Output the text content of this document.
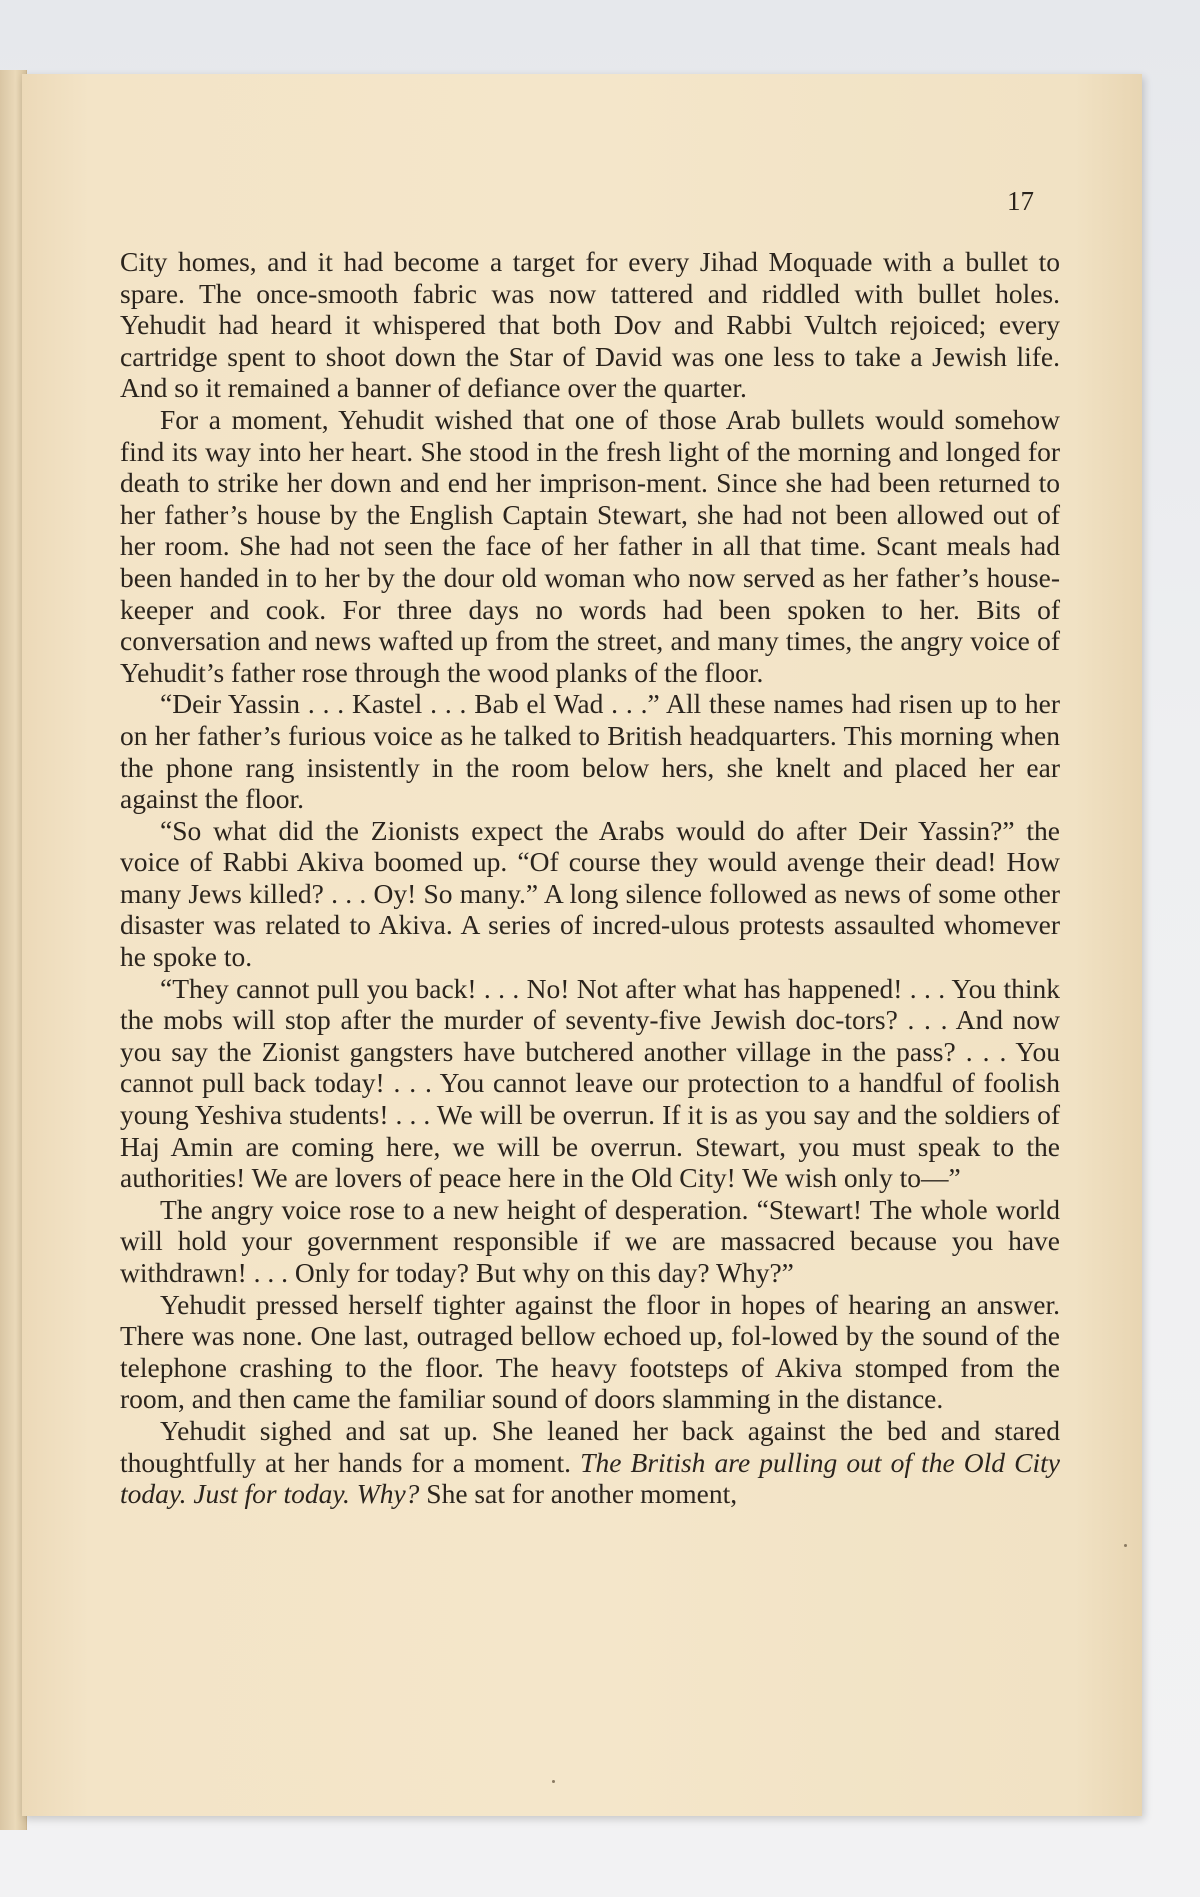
17

City homes, and it had become a target for every Jihad Moquade with a bullet to spare. The once-smooth fabric was now tattered and riddled with bullet holes. Yehudit had heard it whispered that both Dov and Rabbi Vultch rejoiced; every cartridge spent to shoot down the Star of David was one less to take a Jewish life. And so it remained a banner of defiance over the quarter.

For a moment, Yehudit wished that one of those Arab bullets would somehow find its way into her heart. She stood in the fresh light of the morning and longed for death to strike her down and end her imprison-ment. Since she had been returned to her father’s house by the English Captain Stewart, she had not been allowed out of her room. She had not seen the face of her father in all that time. Scant meals had been handed in to her by the dour old woman who now served as her father’s house-keeper and cook. For three days no words had been spoken to her. Bits of conversation and news wafted up from the street, and many times, the angry voice of Yehudit’s father rose through the wood planks of the floor.

“Deir Yassin . . . Kastel . . . Bab el Wad . . .” All these names had risen up to her on her father’s furious voice as he talked to British headquarters. This morning when the phone rang insistently in the room below hers, she knelt and placed her ear against the floor.

“So what did the Zionists expect the Arabs would do after Deir Yassin?” the voice of Rabbi Akiva boomed up. “Of course they would avenge their dead! How many Jews killed? . . . Oy! So many.” A long silence followed as news of some other disaster was related to Akiva. A series of incred-ulous protests assaulted whomever he spoke to.

“They cannot pull you back! . . . No! Not after what has happened! . . . You think the mobs will stop after the murder of seventy-five Jewish doc-tors? . . . And now you say the Zionist gangsters have butchered another village in the pass? . . . You cannot pull back today! . . . You cannot leave our protection to a handful of foolish young Yeshiva students! . . . We will be overrun. If it is as you say and the soldiers of Haj Amin are coming here, we will be overrun. Stewart, you must speak to the authorities! We are lovers of peace here in the Old City! We wish only to—”

The angry voice rose to a new height of desperation. “Stewart! The whole world will hold your government responsible if we are massacred because you have withdrawn! . . . Only for today? But why on this day? Why?”

Yehudit pressed herself tighter against the floor in hopes of hearing an answer. There was none. One last, outraged bellow echoed up, fol-lowed by the sound of the telephone crashing to the floor. The heavy footsteps of Akiva stomped from the room, and then came the familiar sound of doors slamming in the distance.

Yehudit sighed and sat up. She leaned her back against the bed and stared thoughtfully at her hands for a moment. The British are pulling out of the Old City today. Just for today. Why? She sat for another moment,
